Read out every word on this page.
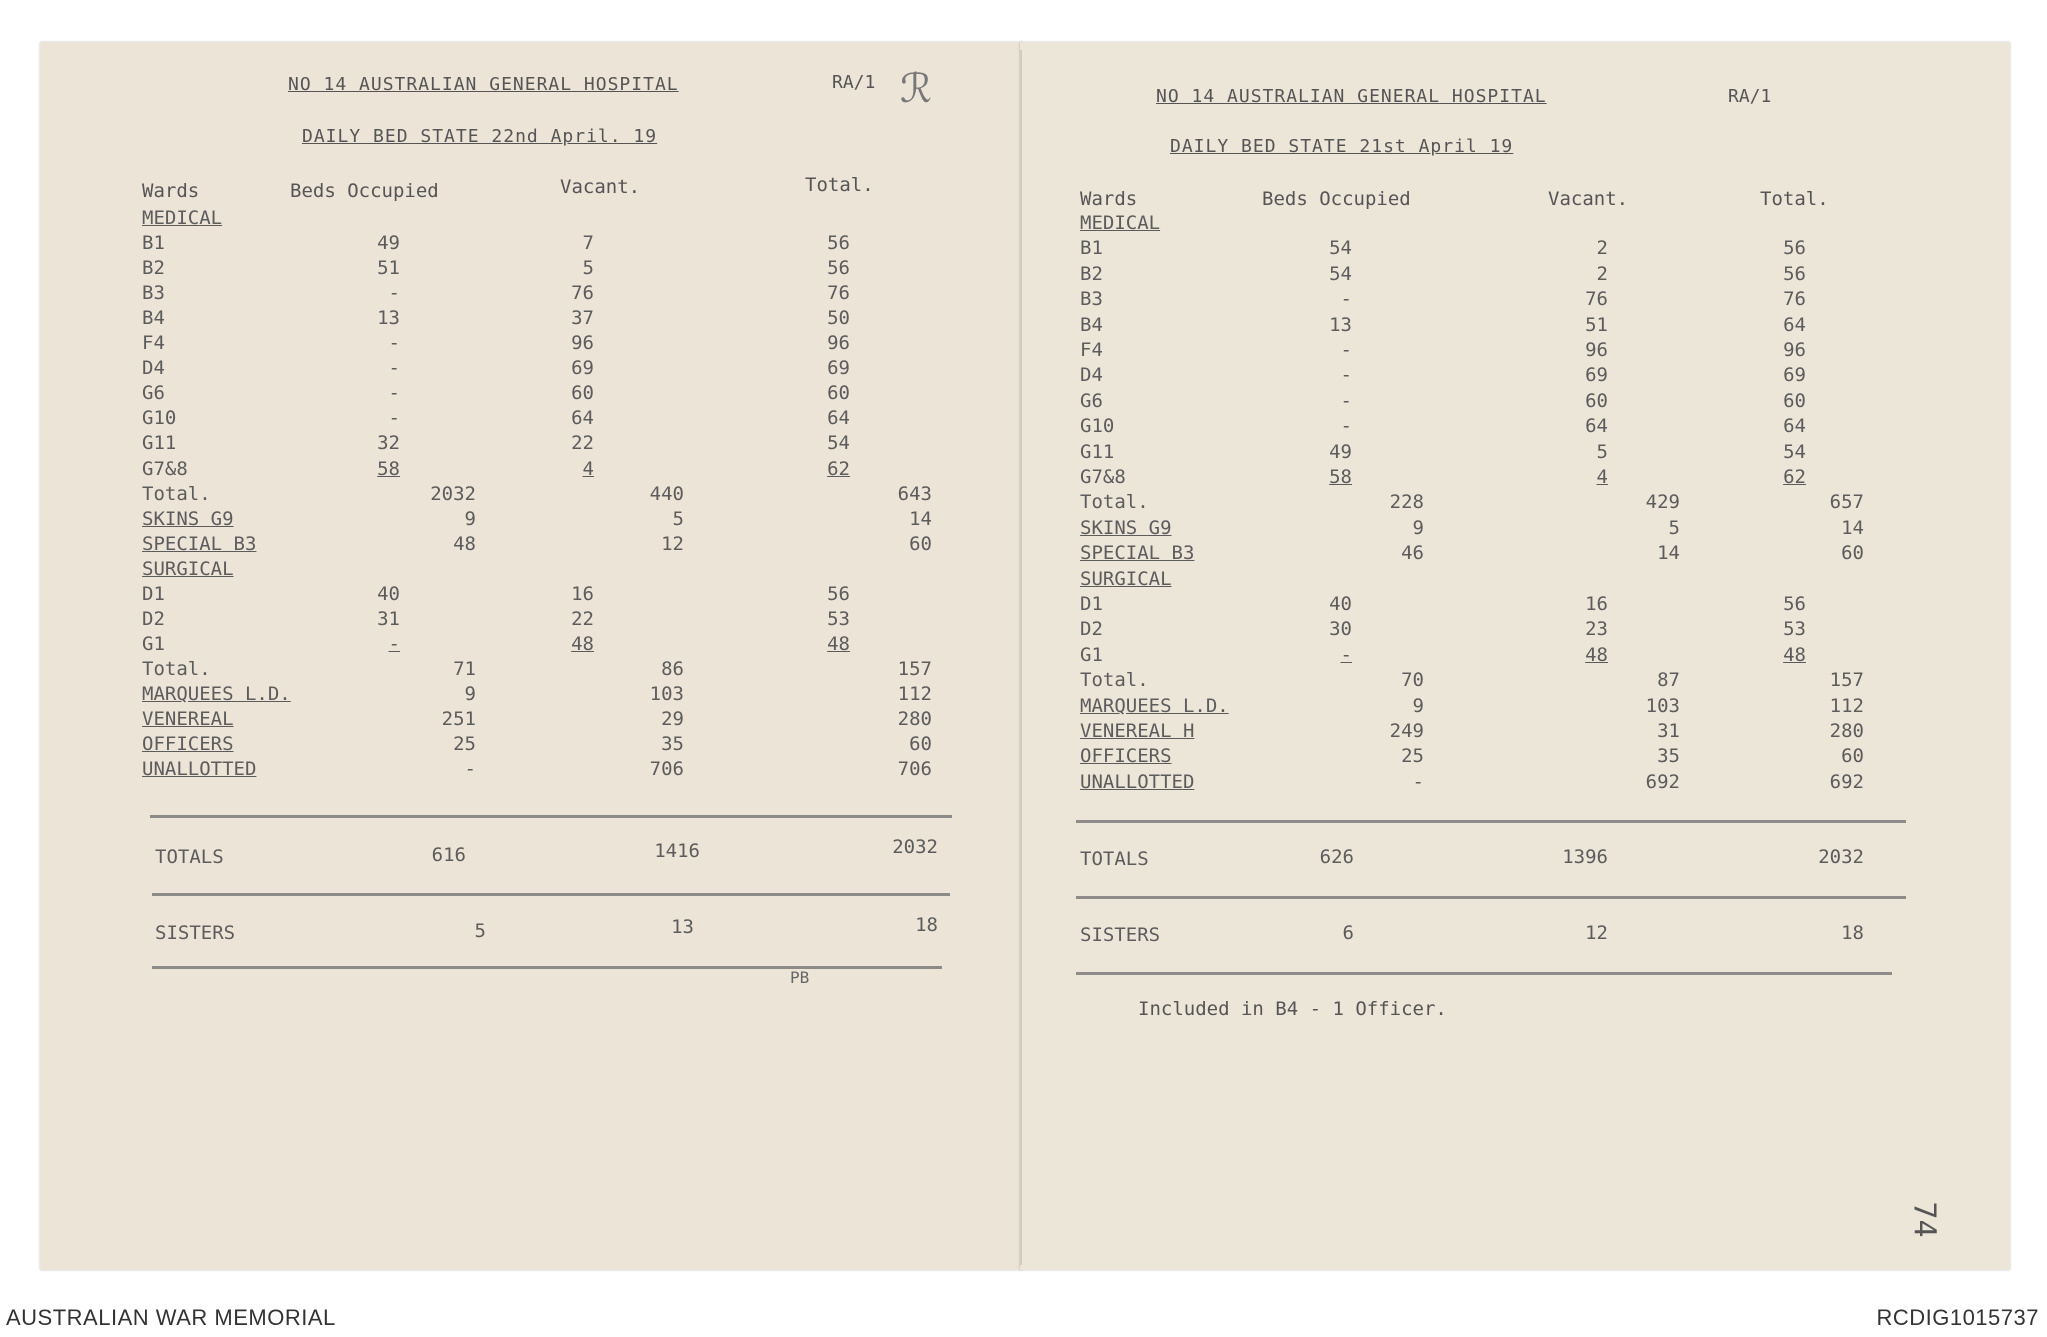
NO 14 AUSTRALIAN GENERAL HOSPITAL	RA/1 ℛ
DAILY BED STATE 22nd April. 19
Wards	Beds Occupied	Vacant.	Total.
MEDICAL
B1	49	7	56
B2	51	5	56
B3	-	76	76
B4	13	37	50
F4	-	96	96
D4	-	69	69
G6	-	60	60
G10	-	64	64
G11	32	22	54
G7&8	58	4	62
Total.	2032	440	643
SKINS G9	9	5	14
SPECIAL B3	48	12	60
SURGICAL
D1	40	16	56
D2	31	22	53
G1	-	48	48
Total.	71	86	157
MARQUEES L.D.	9	103	112
VENEREAL	251	29	280
OFFICERS	25	35	60
UNALLOTTED	-	706	706
TOTALS	616	1416	2032
SISTERS	5	13	18
PB
NO 14 AUSTRALIAN GENERAL HOSPITAL	RA/1
DAILY BED STATE 21st April 19
Wards	Beds Occupied	Vacant.	Total.
MEDICAL
B1	54	2	56
B2	54	2	56
B3	-	76	76
B4	13	51	64
F4	-	96	96
D4	-	69	69
G6	-	60	60
G10	-	64	64
G11	49	5	54
G7&8	58	4	62
Total.	228	429	657
SKINS G9	9	5	14
SPECIAL B3	46	14	60
SURGICAL
D1	40	16	56
D2	30	23	53
G1	-	48	48
Total.	70	87	157
MARQUEES L.D.	9	103	112
VENEREAL H	249	31	280
OFFICERS	25	35	60
UNALLOTTED	-	692	692
TOTALS	626	1396	2032
SISTERS	6	12	18
Included in B4 - 1 Officer.
74
AUSTRALIAN WAR MEMORIAL	RCDIG1015737
